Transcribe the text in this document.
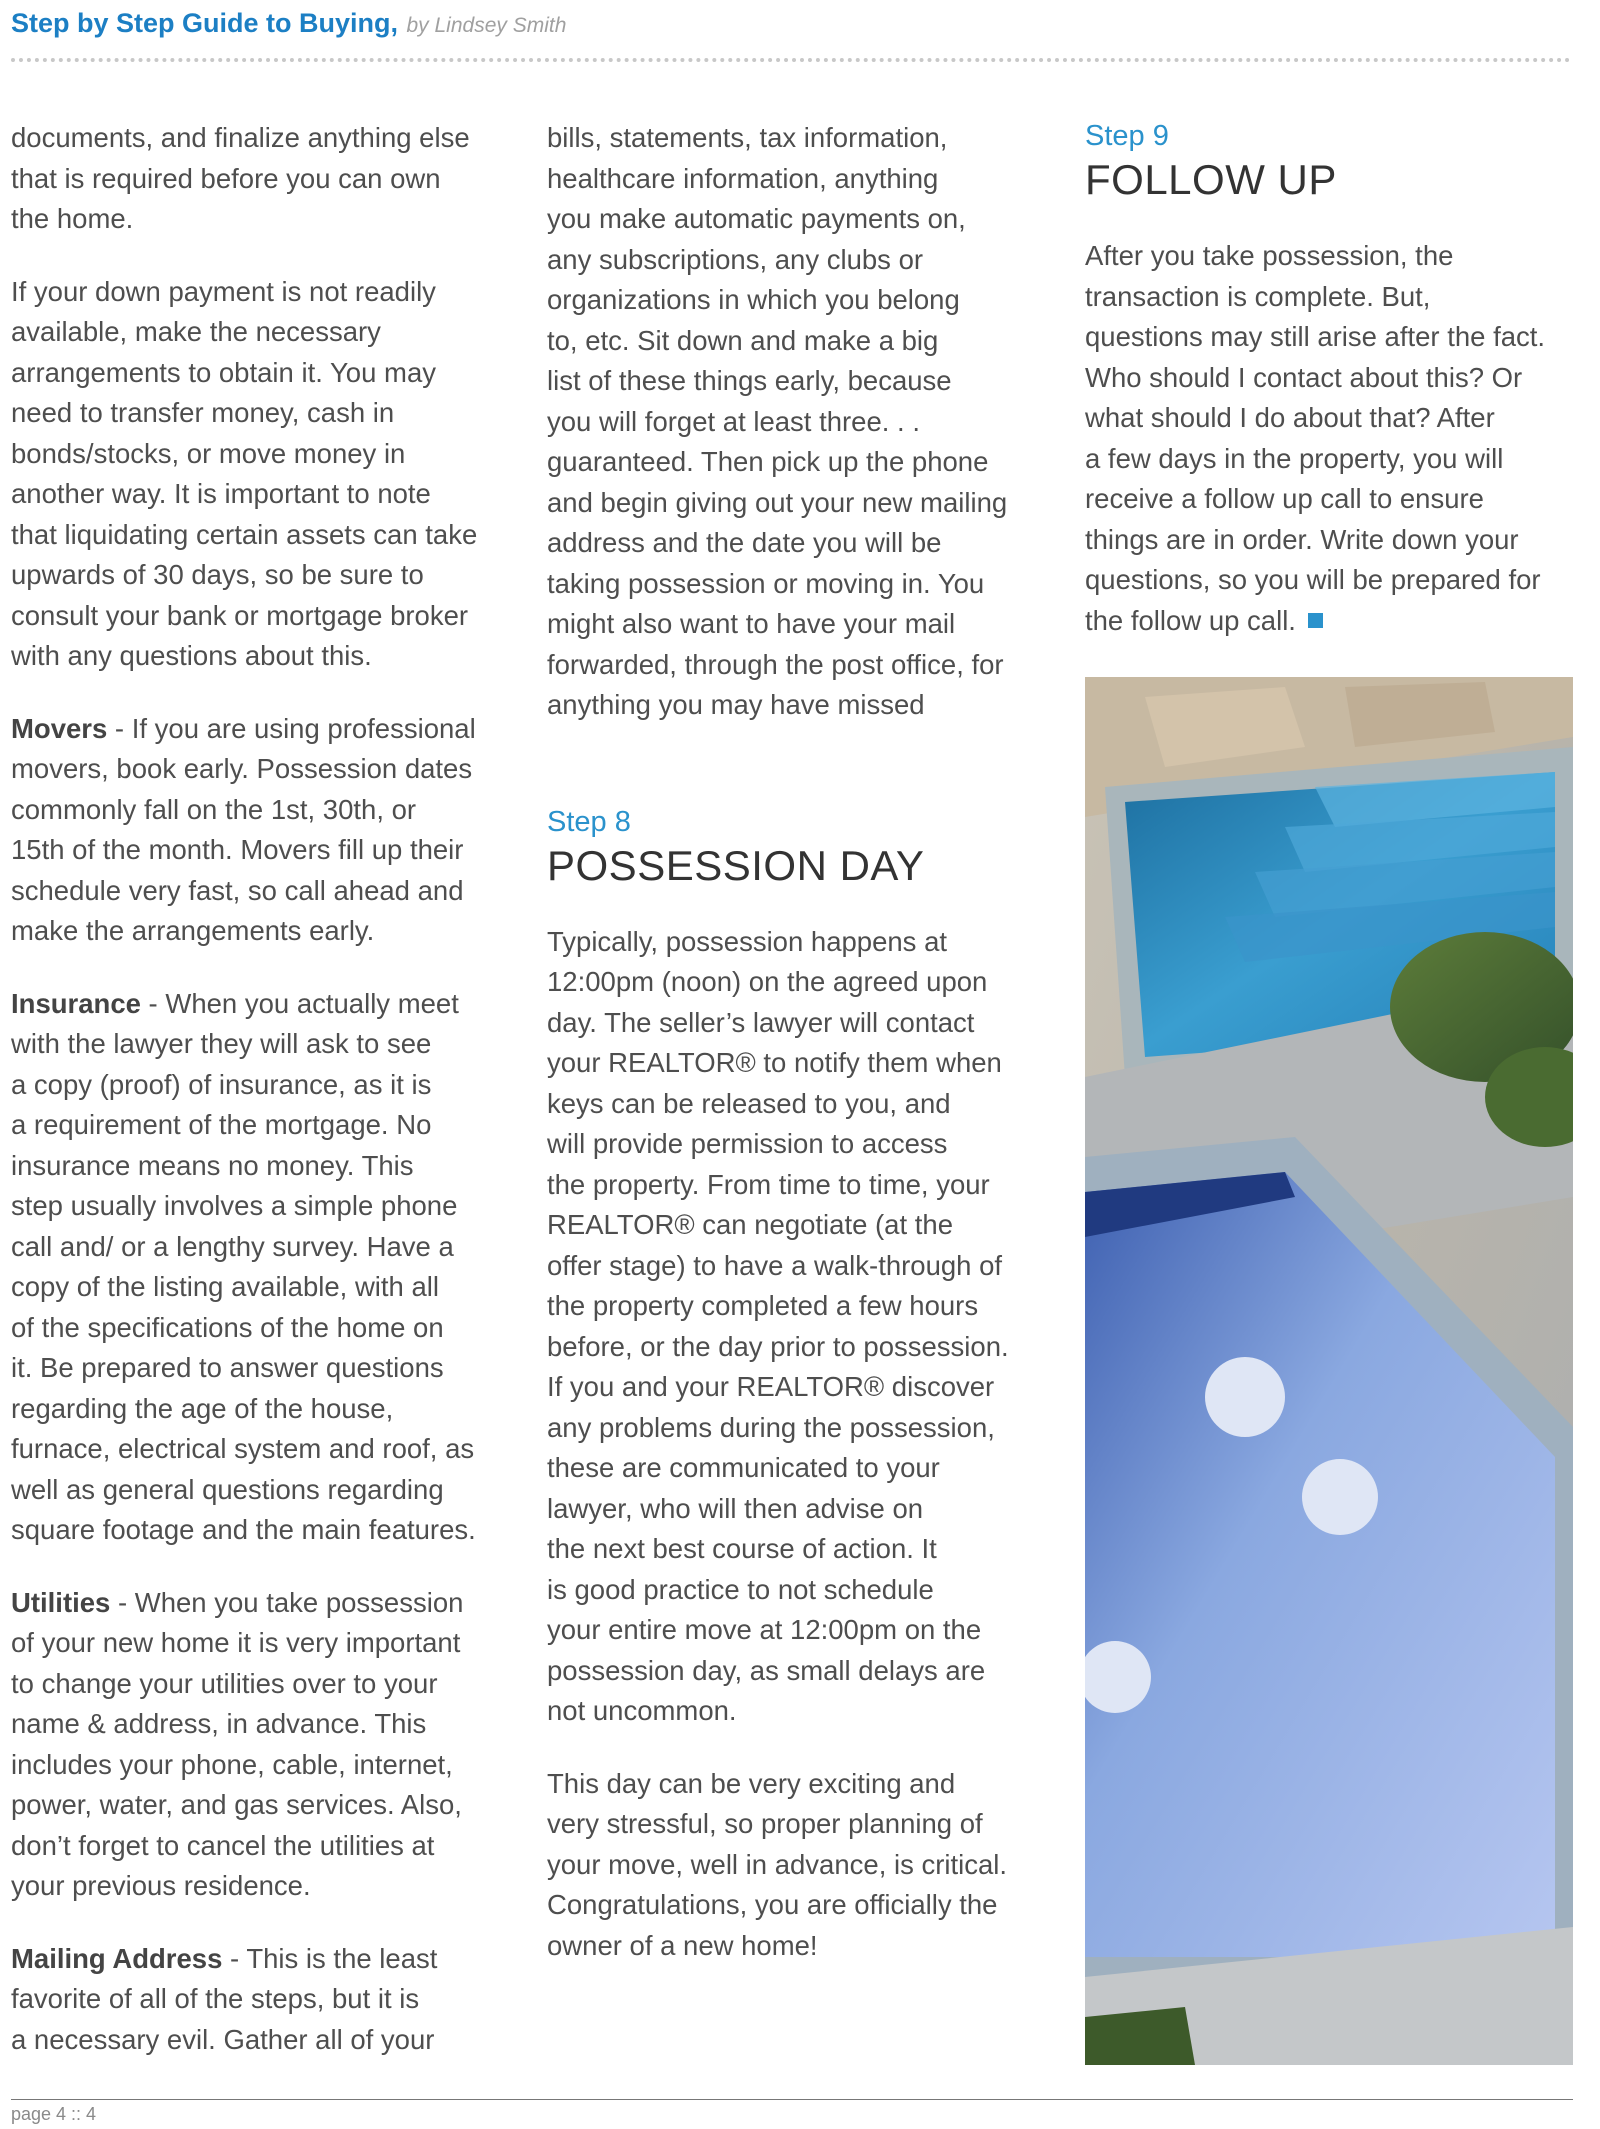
Step by Step Guide to Buying, by Lindsey Smith

documents, and finalize anything else
that is required before you can own
the home.

If your down payment is not readily
available, make the necessary
arrangements to obtain it. You may
need to transfer money, cash in
bonds/stocks, or move money in
another way. It is important to note
that liquidating certain assets can take
upwards of 30 days, so be sure to
consult your bank or mortgage broker
with any questions about this.

Movers - If you are using professional
movers, book early. Possession dates
commonly fall on the 1st, 30th, or
15th of the month. Movers fill up their
schedule very fast, so call ahead and
make the arrangements early.

Insurance - When you actually meet
with the lawyer they will ask to see
a copy (proof) of insurance, as it is
a requirement of the mortgage. No
insurance means no money. This
step usually involves a simple phone
call and/ or a lengthy survey. Have a
copy of the listing available, with all
of the specifications of the home on
it. Be prepared to answer questions
regarding the age of the house,
furnace, electrical system and roof, as
well as general questions regarding
square footage and the main features.

Utilities - When you take possession
of your new home it is very important
to change your utilities over to your
name & address, in advance. This
includes your phone, cable, internet,
power, water, and gas services. Also,
don’t forget to cancel the utilities at
your previous residence.

Mailing Address - This is the least
favorite of all of the steps, but it is
a necessary evil. Gather all of your

bills, statements, tax information,
healthcare information, anything
you make automatic payments on,
any subscriptions, any clubs or
organizations in which you belong
to, etc. Sit down and make a big
list of these things early, because
you will forget at least three. . .
guaranteed. Then pick up the phone
and begin giving out your new mailing
address and the date you will be
taking possession or moving in. You
might also want to have your mail
forwarded, through the post office, for
anything you may have missed

Step 8
POSSESSION DAY

Typically, possession happens at
12:00pm (noon) on the agreed upon
day. The seller’s lawyer will contact
your REALTOR® to notify them when
keys can be released to you, and
will provide permission to access
the property. From time to time, your
REALTOR® can negotiate (at the
offer stage) to have a walk-through of
the property completed a few hours
before, or the day prior to possession.
If you and your REALTOR® discover
any problems during the possession,
these are communicated to your
lawyer, who will then advise on
the next best course of action. It
is good practice to not schedule
your entire move at 12:00pm on the
possession day, as small delays are
not uncommon.

This day can be very exciting and
very stressful, so proper planning of
your move, well in advance, is critical.
Congratulations, you are officially the
owner of a new home!

Step 9
FOLLOW UP

After you take possession, the
transaction is complete. But,
questions may still arise after the fact.
Who should I contact about this? Or
what should I do about that? After
a few days in the property, you will
receive a follow up call to ensure
things are in order. Write down your
questions, so you will be prepared for
the follow up call.

page 4 :: 4
